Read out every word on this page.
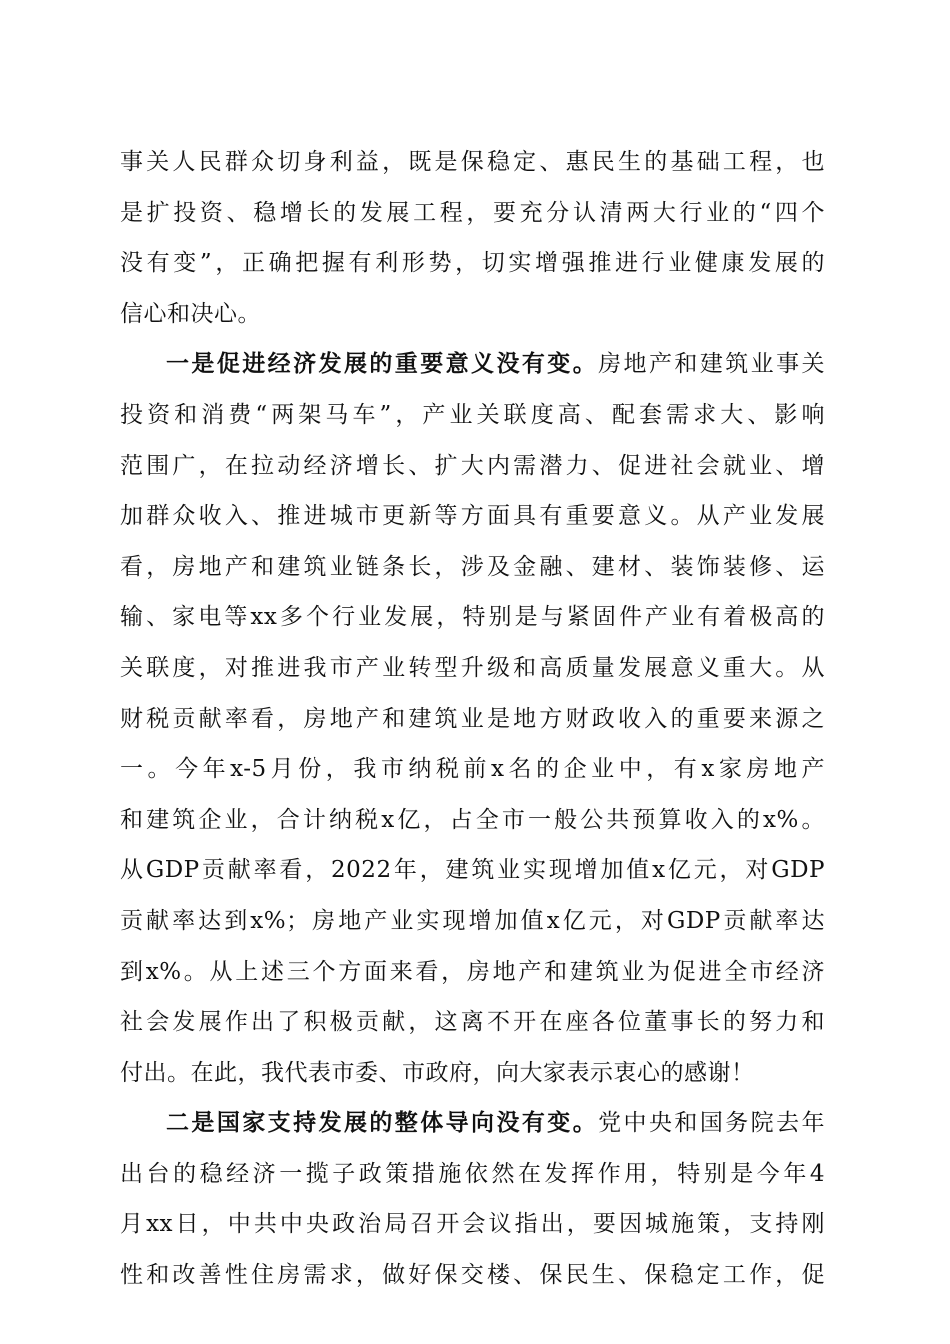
事关人民群众切身利益，既是保稳定、惠民生的基础工程，也
是扩投资、稳增长的发展工程，要充分认清两大行业的“四个
没有变”，正确把握有利形势，切实增强推进行业健康发展的
信心和决心。
一是促进经济发展的重要意义没有变。房地产和建筑业事关
投资和消费“两架马车”，产业关联度高、配套需求大、影响
范围广，在拉动经济增长、扩大内需潜力、促进社会就业、增
加群众收入、推进城市更新等方面具有重要意义。从产业发展
看，房地产和建筑业链条长，涉及金融、建材、装饰装修、运
输、家电等xx多个行业发展，特别是与紧固件产业有着极高的
关联度，对推进我市产业转型升级和高质量发展意义重大。从
财税贡献率看，房地产和建筑业是地方财政收入的重要来源之
一。今年x-5月份，我市纳税前x名的企业中，有x家房地产
和建筑企业，合计纳税x亿，占全市一般公共预算收入的x%。
从GDP贡献率看，2022年，建筑业实现增加值x亿元，对GDP
贡献率达到x%；房地产业实现增加值x亿元，对GDP贡献率达
到x%。从上述三个方面来看，房地产和建筑业为促进全市经济
社会发展作出了积极贡献，这离不开在座各位董事长的努力和
付出。在此，我代表市委、市政府，向大家表示衷心的感谢！
二是国家支持发展的整体导向没有变。党中央和国务院去年
出台的稳经济一揽子政策措施依然在发挥作用，特别是今年4
月xx日，中共中央政治局召开会议指出，要因城施策，支持刚
性和改善性住房需求，做好保交楼、保民生、保稳定工作，促
